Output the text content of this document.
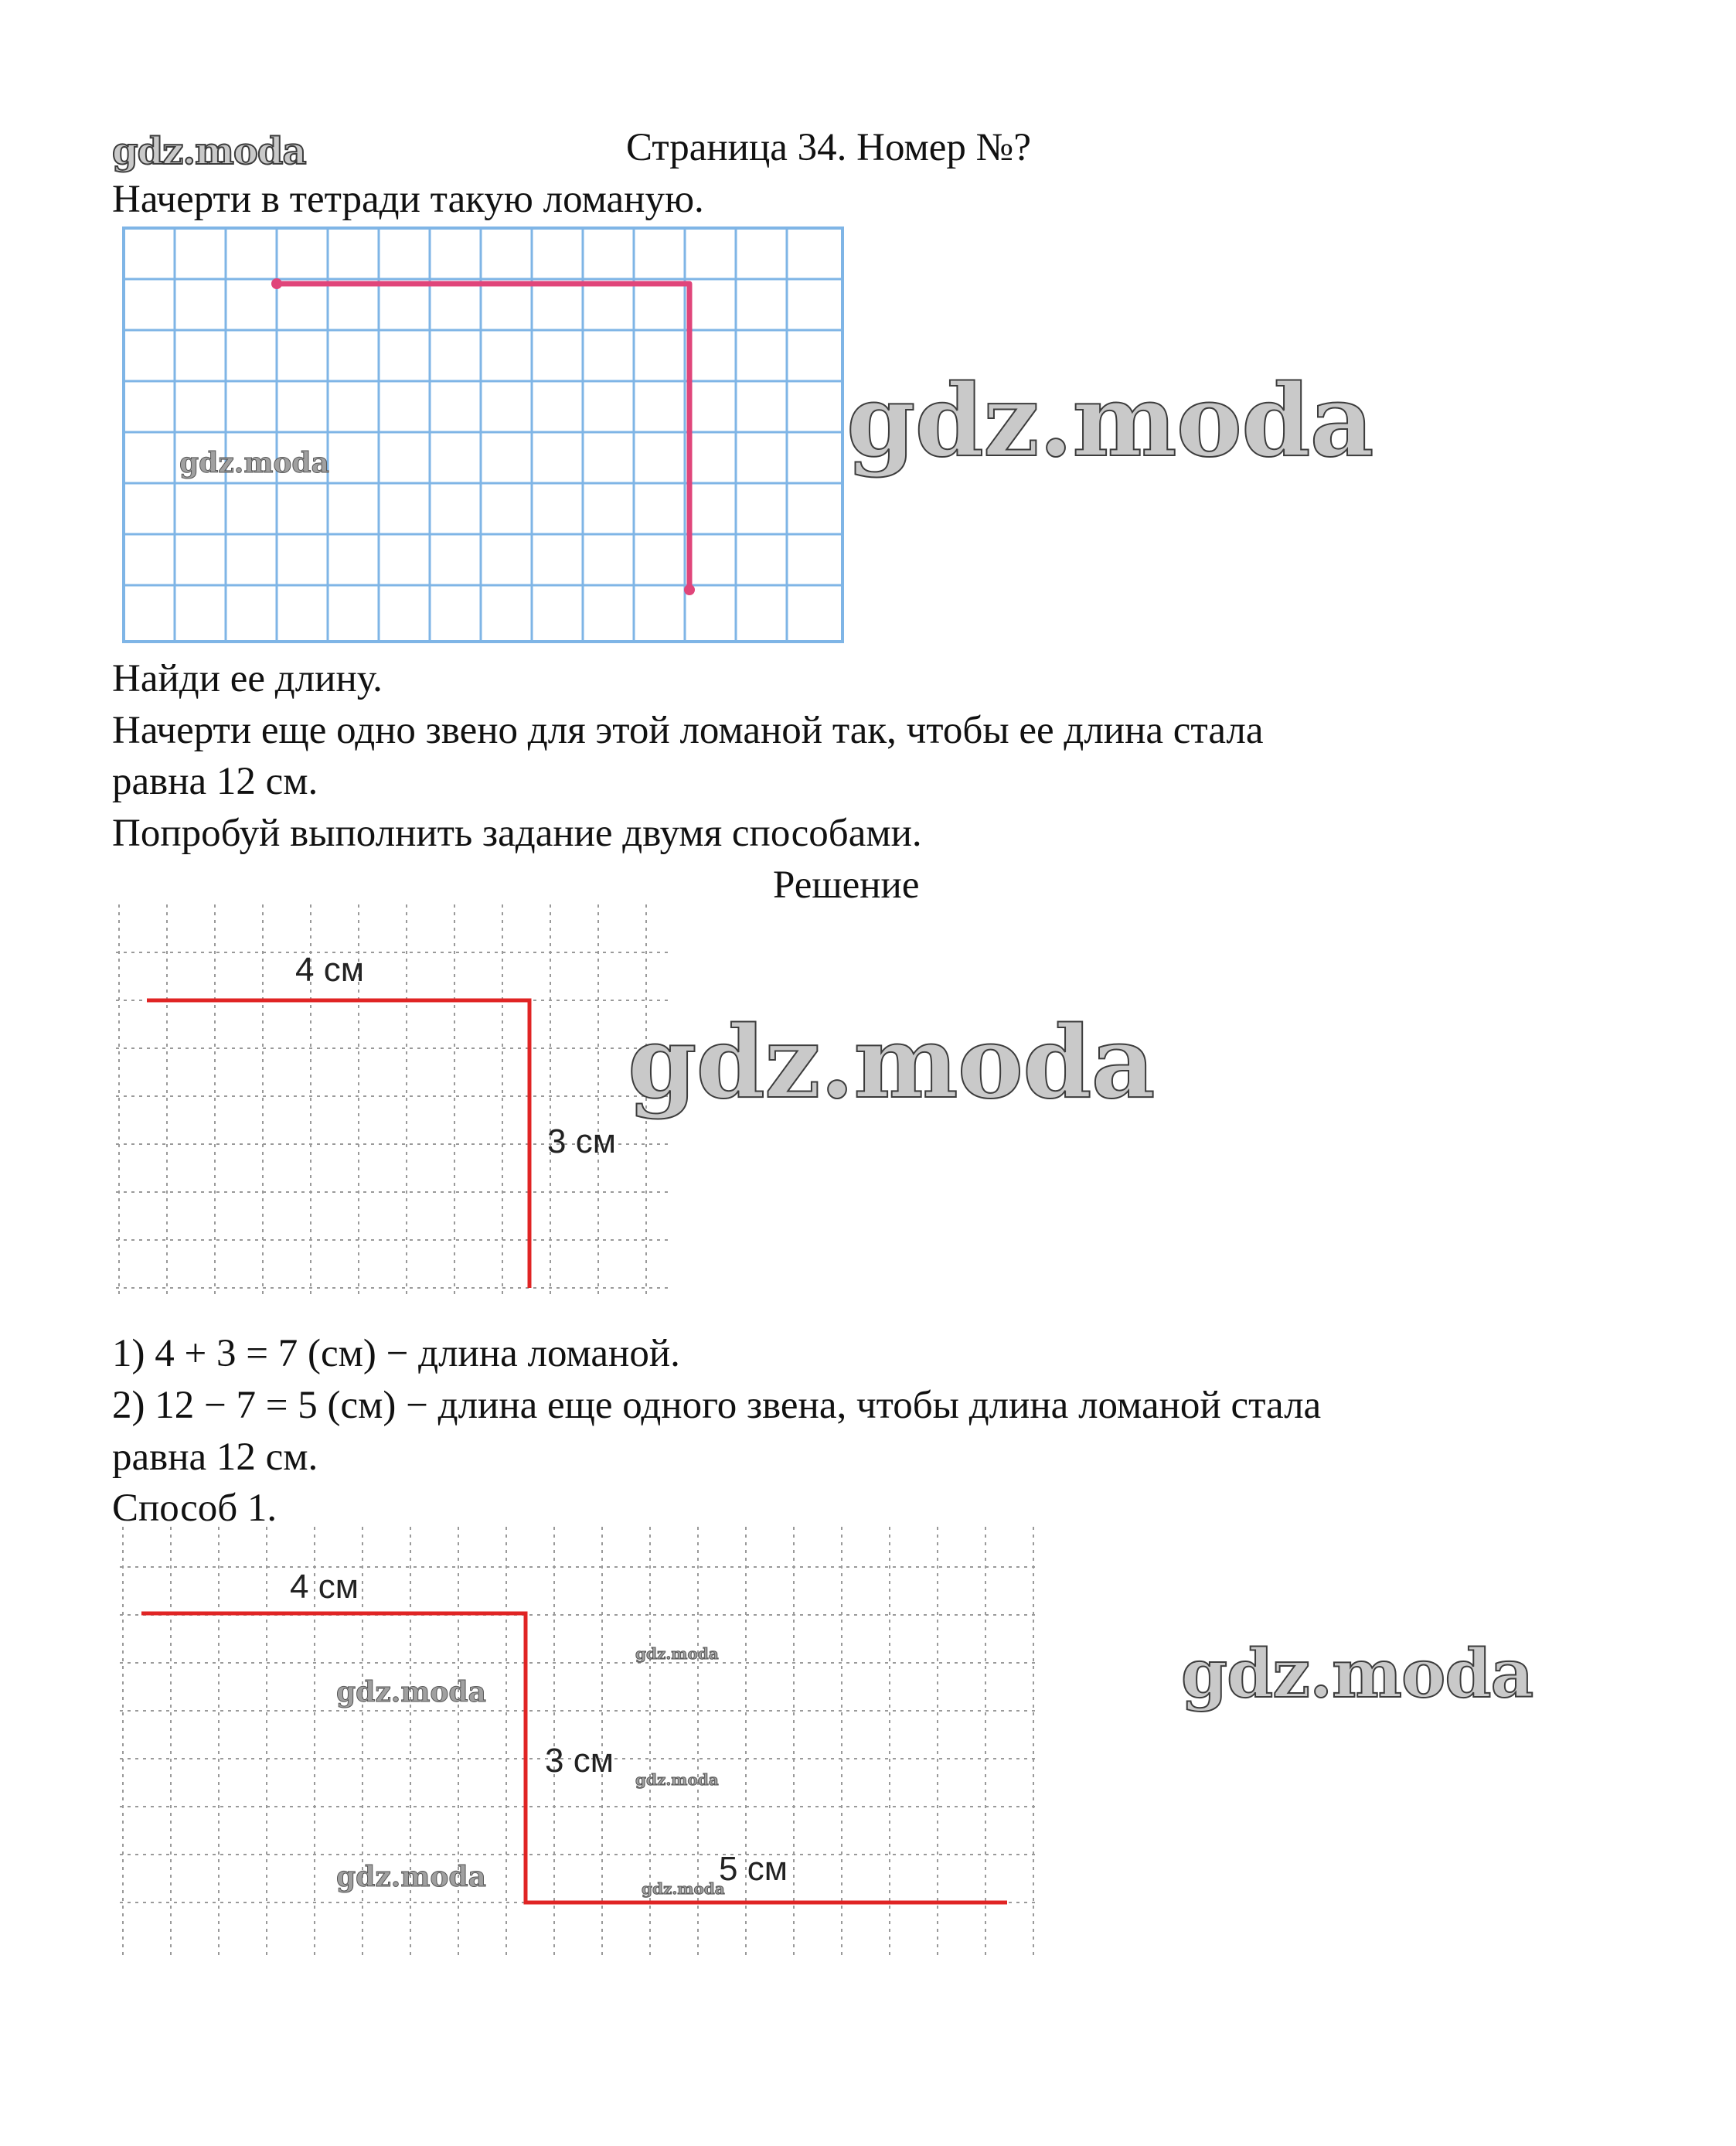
gdz.moda	Страница 34. Номер №?
Начерти в тетради такую ломаную.
gdz.moda	gdz.moda
Найди ее длину.
Начерти еще одно звено для этой ломаной так, чтобы ее длина стала
равна 12 см.
Попробуй выполнить задание двумя способами.
Решение
4 см
3 см
gdz.moda
1) 4 + 3 = 7 (см) − длина ломаной.
2) 12 − 7 = 5 (см) − длина еще одного звена, чтобы длина ломаной стала
равна 12 см.
Способ 1.
4 см
3 см
5 см
gdz.moda
gdz.moda
gdz.moda
gdz.moda	gdz.moda
gdz.moda
